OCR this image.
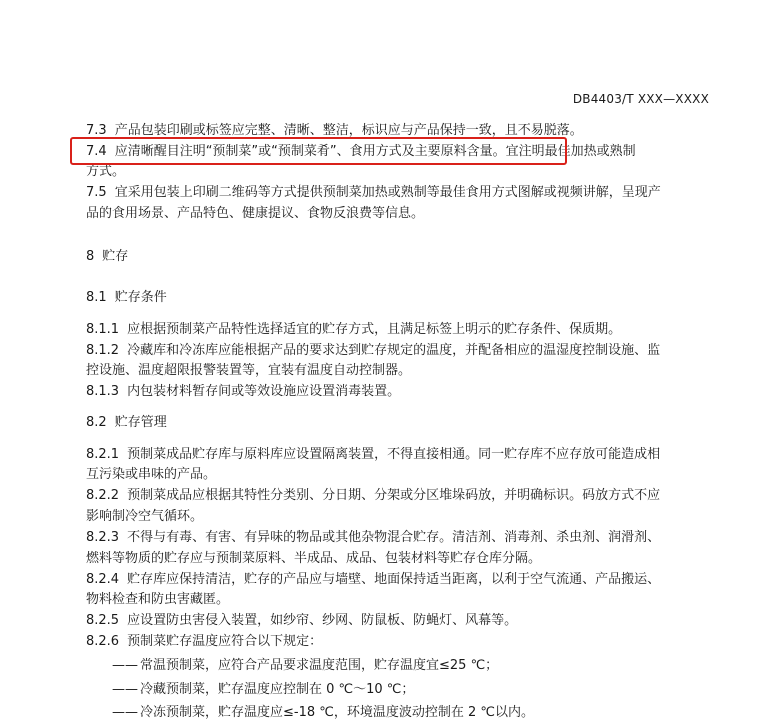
DB4403/T XXX—XXXX
7.3 产品包装印刷或标签应完整、清晰、整洁，标识应与产品保持一致，且不易脱落。
7.4 应清晰醒目注明“预制菜”或“预制菜肴”、食用方式及主要原料含量。宜注明最佳加热或熟制
方式。
7.5 宜采用包装上印刷二维码等方式提供预制菜加热或熟制等最佳食用方式图解或视频讲解，呈现产
品的食用场景、产品特色、健康提议、食物反浪费等信息。
8 贮存
8.1 贮存条件
8.1.1 应根据预制菜产品特性选择适宜的贮存方式，且满足标签上明示的贮存条件、保质期。
8.1.2 冷藏库和冷冻库应能根据产品的要求达到贮存规定的温度，并配备相应的温湿度控制设施、监
控设施、温度超限报警装置等，宜装有温度自动控制器。
8.1.3 内包装材料暂存间或等效设施应设置消毒装置。
8.2 贮存管理
8.2.1 预制菜成品贮存库与原料库应设置隔离装置，不得直接相通。同一贮存库不应存放可能造成相
互污染或串味的产品。
8.2.2 预制菜成品应根据其特性分类别、分日期、分架或分区堆垛码放，并明确标识。码放方式不应
影响制冷空气循环。
8.2.3 不得与有毒、有害、有异味的物品或其他杂物混合贮存。清洁剂、消毒剂、杀虫剂、润滑剂、
燃料等物质的贮存应与预制菜原料、半成品、成品、包装材料等贮存仓库分隔。
8.2.4 贮存库应保持清洁，贮存的产品应与墙壁、地面保持适当距离，以利于空气流通、产品搬运、
物料检查和防虫害藏匿。
8.2.5 应设置防虫害侵入装置，如纱帘、纱网、防鼠板、防蝇灯、风幕等。
8.2.6 预制菜贮存温度应符合以下规定：
—— 常温预制菜，应符合产品要求温度范围，贮存温度宜≤25 ℃；
—— 冷藏预制菜，贮存温度应控制在 0 ℃～10 ℃；
—— 冷冻预制菜，贮存温度应≤-18 ℃，环境温度波动控制在 2 ℃以内。
